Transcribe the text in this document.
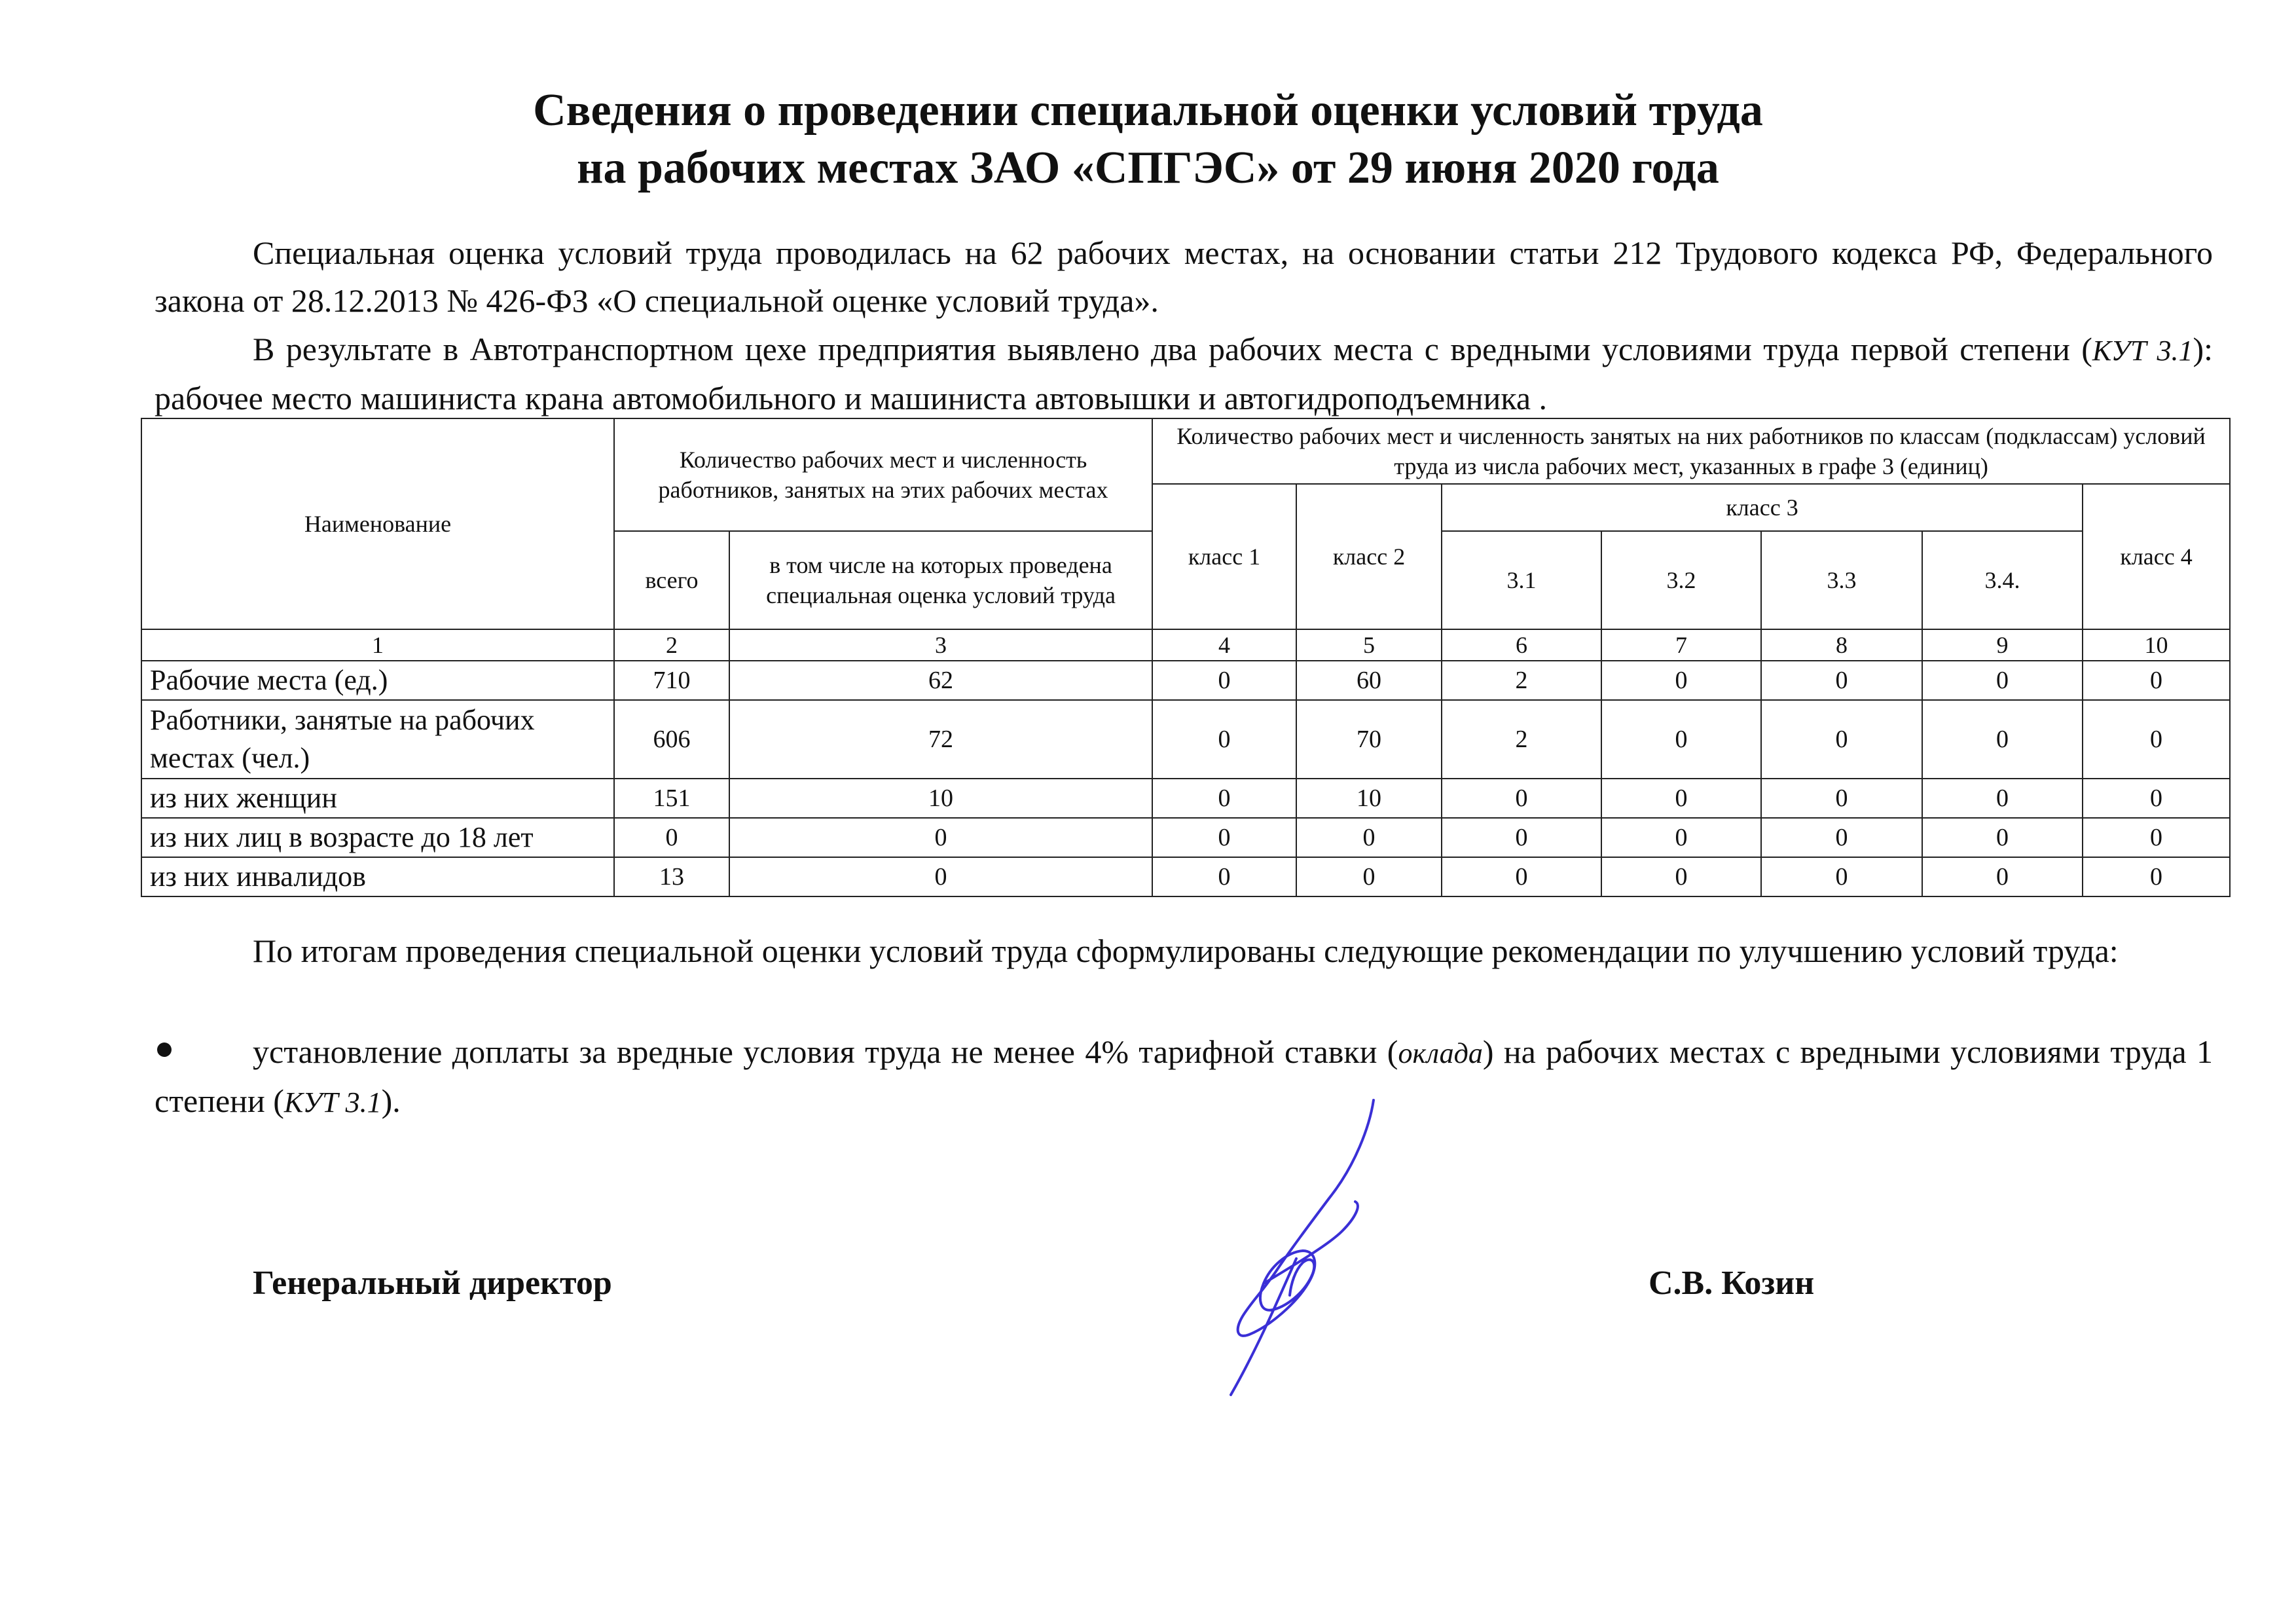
Сведения о проведении специальной оценки условий труда
на рабочих местах ЗАО «СПГЭС» от 29 июня 2020 года
Специальная оценка условий труда проводилась на 62 рабочих местах, на основании статьи 212 Трудового кодекса РФ, Федерального закона от 28.12.2013 № 426-ФЗ «О специальной оценке условий труда».
В результате в Автотранспортном цехе предприятия выявлено два рабочих места с вредными условиями труда первой степени (КУТ 3.1): рабочее место машиниста крана автомобильного и машиниста автовышки и автогидроподъемника .
Наименование	Количество рабочих мест и численность работников, занятых на этих рабочих местах		Количество рабочих мест и численность занятых на них работников по классам (подклассам) условий труда из числа рабочих мест, указанных в графе 3 (единиц)						
			класс 1	класс 2	класс 3				класс 4
	всего	в том числе на которых проведена специальная оценка условий труда			3.1	3.2	3.3	3.4.	
1	2	3	4	5	6	7	8	9	10
Рабочие места (ед.)	710	62	0	60	2	0	0	0	0
Работники, занятые на рабочих местах (чел.)	606	72	0	70	2	0	0	0	0
из них женщин	151	10	0	10	0	0	0	0	0
из них лиц в возрасте до 18 лет	0	0	0	0	0	0	0	0	0
из них инвалидов	13	0	0	0	0	0	0	0	0
По итогам проведения специальной оценки условий труда сформулированы следующие рекомендации по улучшению условий труда:
установление доплаты за вредные условия труда не менее 4% тарифной ставки (оклада) на рабочих местах с вредными условиями труда 1 степени (КУТ 3.1).
Генеральный директор	С.В. Козин
